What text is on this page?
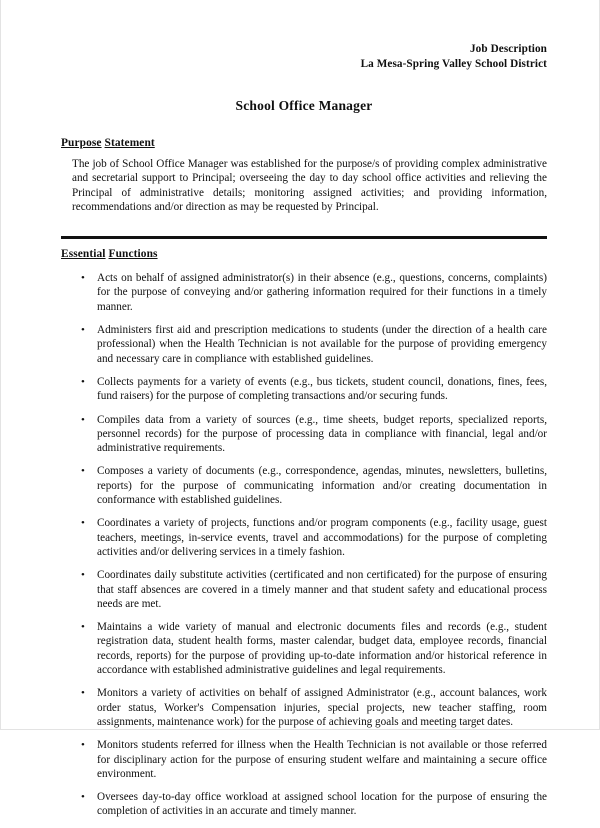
Job Description
La Mesa-Spring Valley School District
School Office Manager
Purpose Statement

The job of School Office Manager was established for the purpose/s of providing complex administrative and secretarial support to Principal; overseeing the day to day school office activities and relieving the Principal of administrative details; monitoring assigned activities; and providing information, recommendations and/or direction as may be requested by Principal.

Essential Functions
• Acts on behalf of assigned administrator(s) in their absence (e.g., questions, concerns, complaints) for the purpose of conveying and/or gathering information required for their functions in a timely manner.
• Administers first aid and prescription medications to students (under the direction of a health care professional) when the Health Technician is not available for the purpose of providing emergency and necessary care in compliance with established guidelines.
• Collects payments for a variety of events (e.g., bus tickets, student council, donations, fines, fees, fund raisers) for the purpose of completing transactions and/or securing funds.
• Compiles data from a variety of sources (e.g., time sheets, budget reports, specialized reports, personnel records) for the purpose of processing data in compliance with financial, legal and/or administrative requirements.
• Composes a variety of documents (e.g., correspondence, agendas, minutes, newsletters, bulletins, reports) for the purpose of communicating information and/or creating documentation in conformance with established guidelines.
• Coordinates a variety of projects, functions and/or program components (e.g., facility usage, guest teachers, meetings, in-service events, travel and accommodations) for the purpose of completing activities and/or delivering services in a timely fashion.
• Coordinates daily substitute activities (certificated and non certificated) for the purpose of ensuring that staff absences are covered in a timely manner and that student safety and educational process needs are met.
• Maintains a wide variety of manual and electronic documents files and records (e.g., student registration data, student health forms, master calendar, budget data, employee records, financial records, reports) for the purpose of providing up-to-date information and/or historical reference in accordance with established administrative guidelines and legal requirements.
• Monitors a variety of activities on behalf of assigned Administrator (e.g., account balances, work order status, Worker's Compensation injuries, special projects, new teacher staffing, room assignments, maintenance work) for the purpose of achieving goals and meeting target dates.
• Monitors students referred for illness when the Health Technician is not available or those referred for disciplinary action for the purpose of ensuring student welfare and maintaining a secure office environment.
• Oversees day-to-day office workload at assigned school location for the purpose of ensuring the completion of activities in an accurate and timely manner.
